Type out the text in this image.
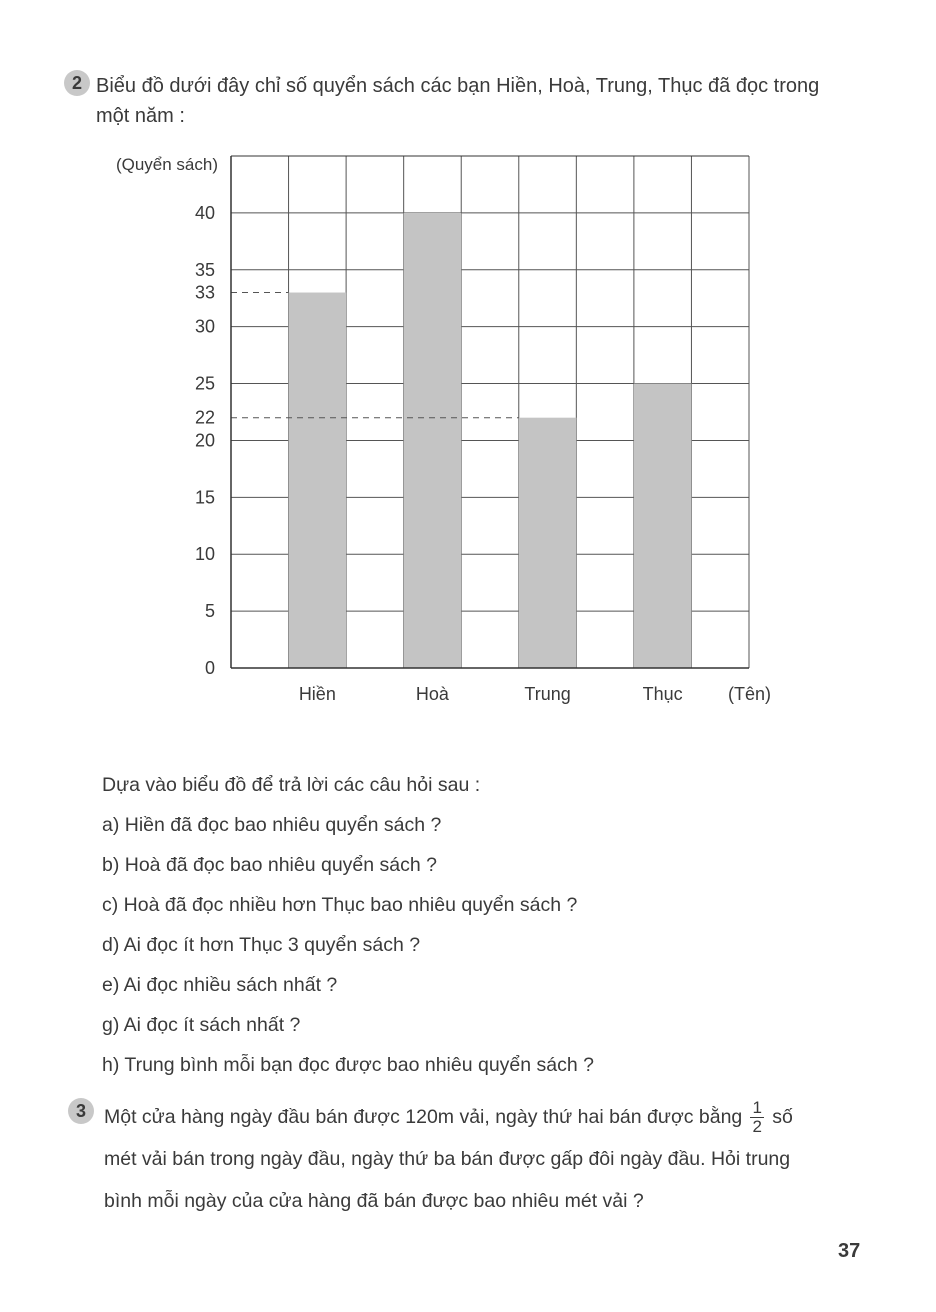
2 Biểu đồ dưới đây chỉ số quyển sách các bạn Hiền, Hoà, Trung, Thục đã đọc trong
một năm :
0
5
10
15
20
22
25
30
33
35
40
Hiền	Hoà	Trung	Thục
(Quyển sách)
(Tên)
Dựa vào biểu đồ để trả lời các câu hỏi sau :
a) Hiền đã đọc bao nhiêu quyển sách ?
b) Hoà đã đọc bao nhiêu quyển sách ?
c) Hoà đã đọc nhiều hơn Thục bao nhiêu quyển sách ?
d) Ai đọc ít hơn Thục 3 quyển sách ?
e) Ai đọc nhiều sách nhất ?
g) Ai đọc ít sách nhất ?
h) Trung bình mỗi bạn đọc được bao nhiêu quyển sách ?
3 Một cửa hàng ngày đầu bán được 120m vải, ngày thứ hai bán được bằng $\frac{1}{2}$ số
mét vải bán trong ngày đầu, ngày thứ ba bán được gấp đôi ngày đầu. Hỏi trung
bình mỗi ngày của cửa hàng đã bán được bao nhiêu mét vải ?
37
